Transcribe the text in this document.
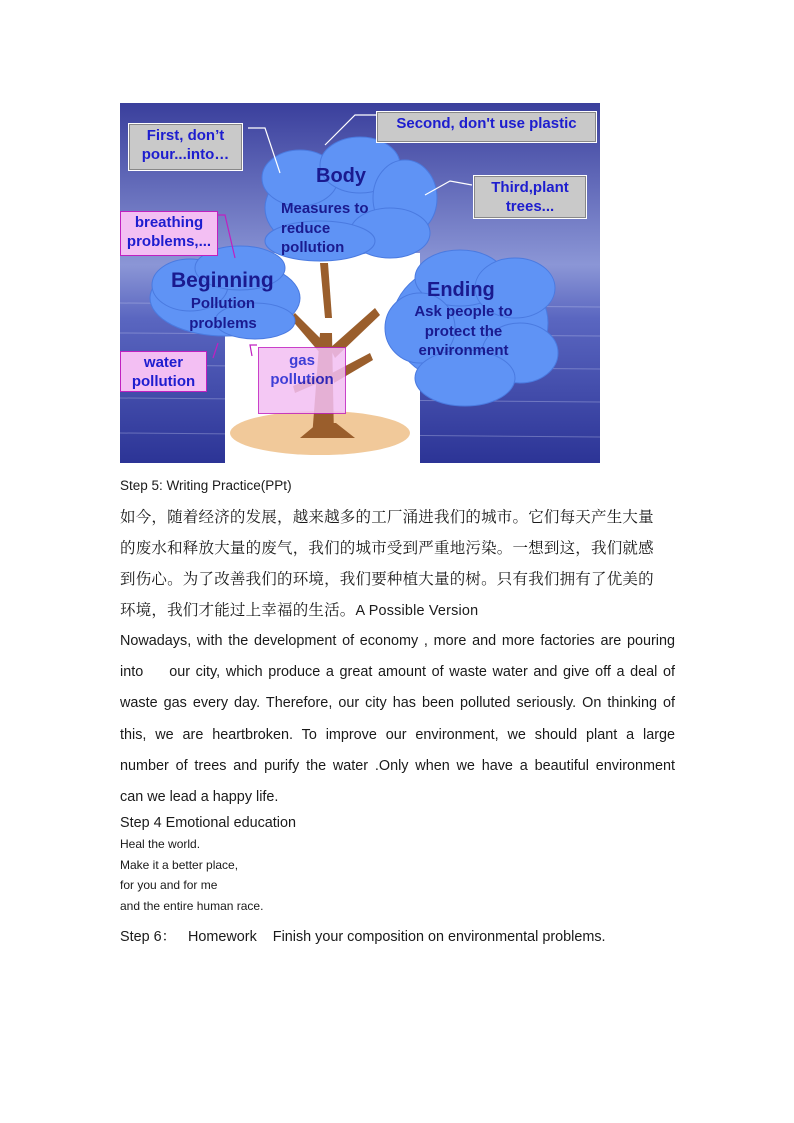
Body
Measures to reduce pollution
Beginning
Pollution problems
Ending
Ask people to protect the environment
First, don’t pour...into…
Second, don't use plastic
Third,plant trees...
breathing problems,...
water pollution
gas pollution
Step 5: Writing Practice(PPt)
如今，随着经济的发展，越来越多的工厂涌进我们的城市。它们每天产生大量
的废水和释放大量的废气，我们的城市受到严重地污染。一想到这，我们就感
到伤心。为了改善我们的环境，我们要种植大量的树。只有我们拥有了优美的
环境，我们才能过上幸福的生活。A Possible Version
Nowadays, with the development of economy , more and more factories are pouring
into our city, which produce a great amount of waste water and give off a deal of
waste gas every day. Therefore, our city has been polluted seriously. On thinking of
this, we are heartbroken. To improve our environment, we should plant a large
number of trees and purify the water .Only when we have a beautiful environment
can we lead a happy life.
Step 4 Emotional education
Heal the world.
Make it a better place,
for you and for me
and the entire human race.
Step 6： Homework Finish your composition on environmental problems.
